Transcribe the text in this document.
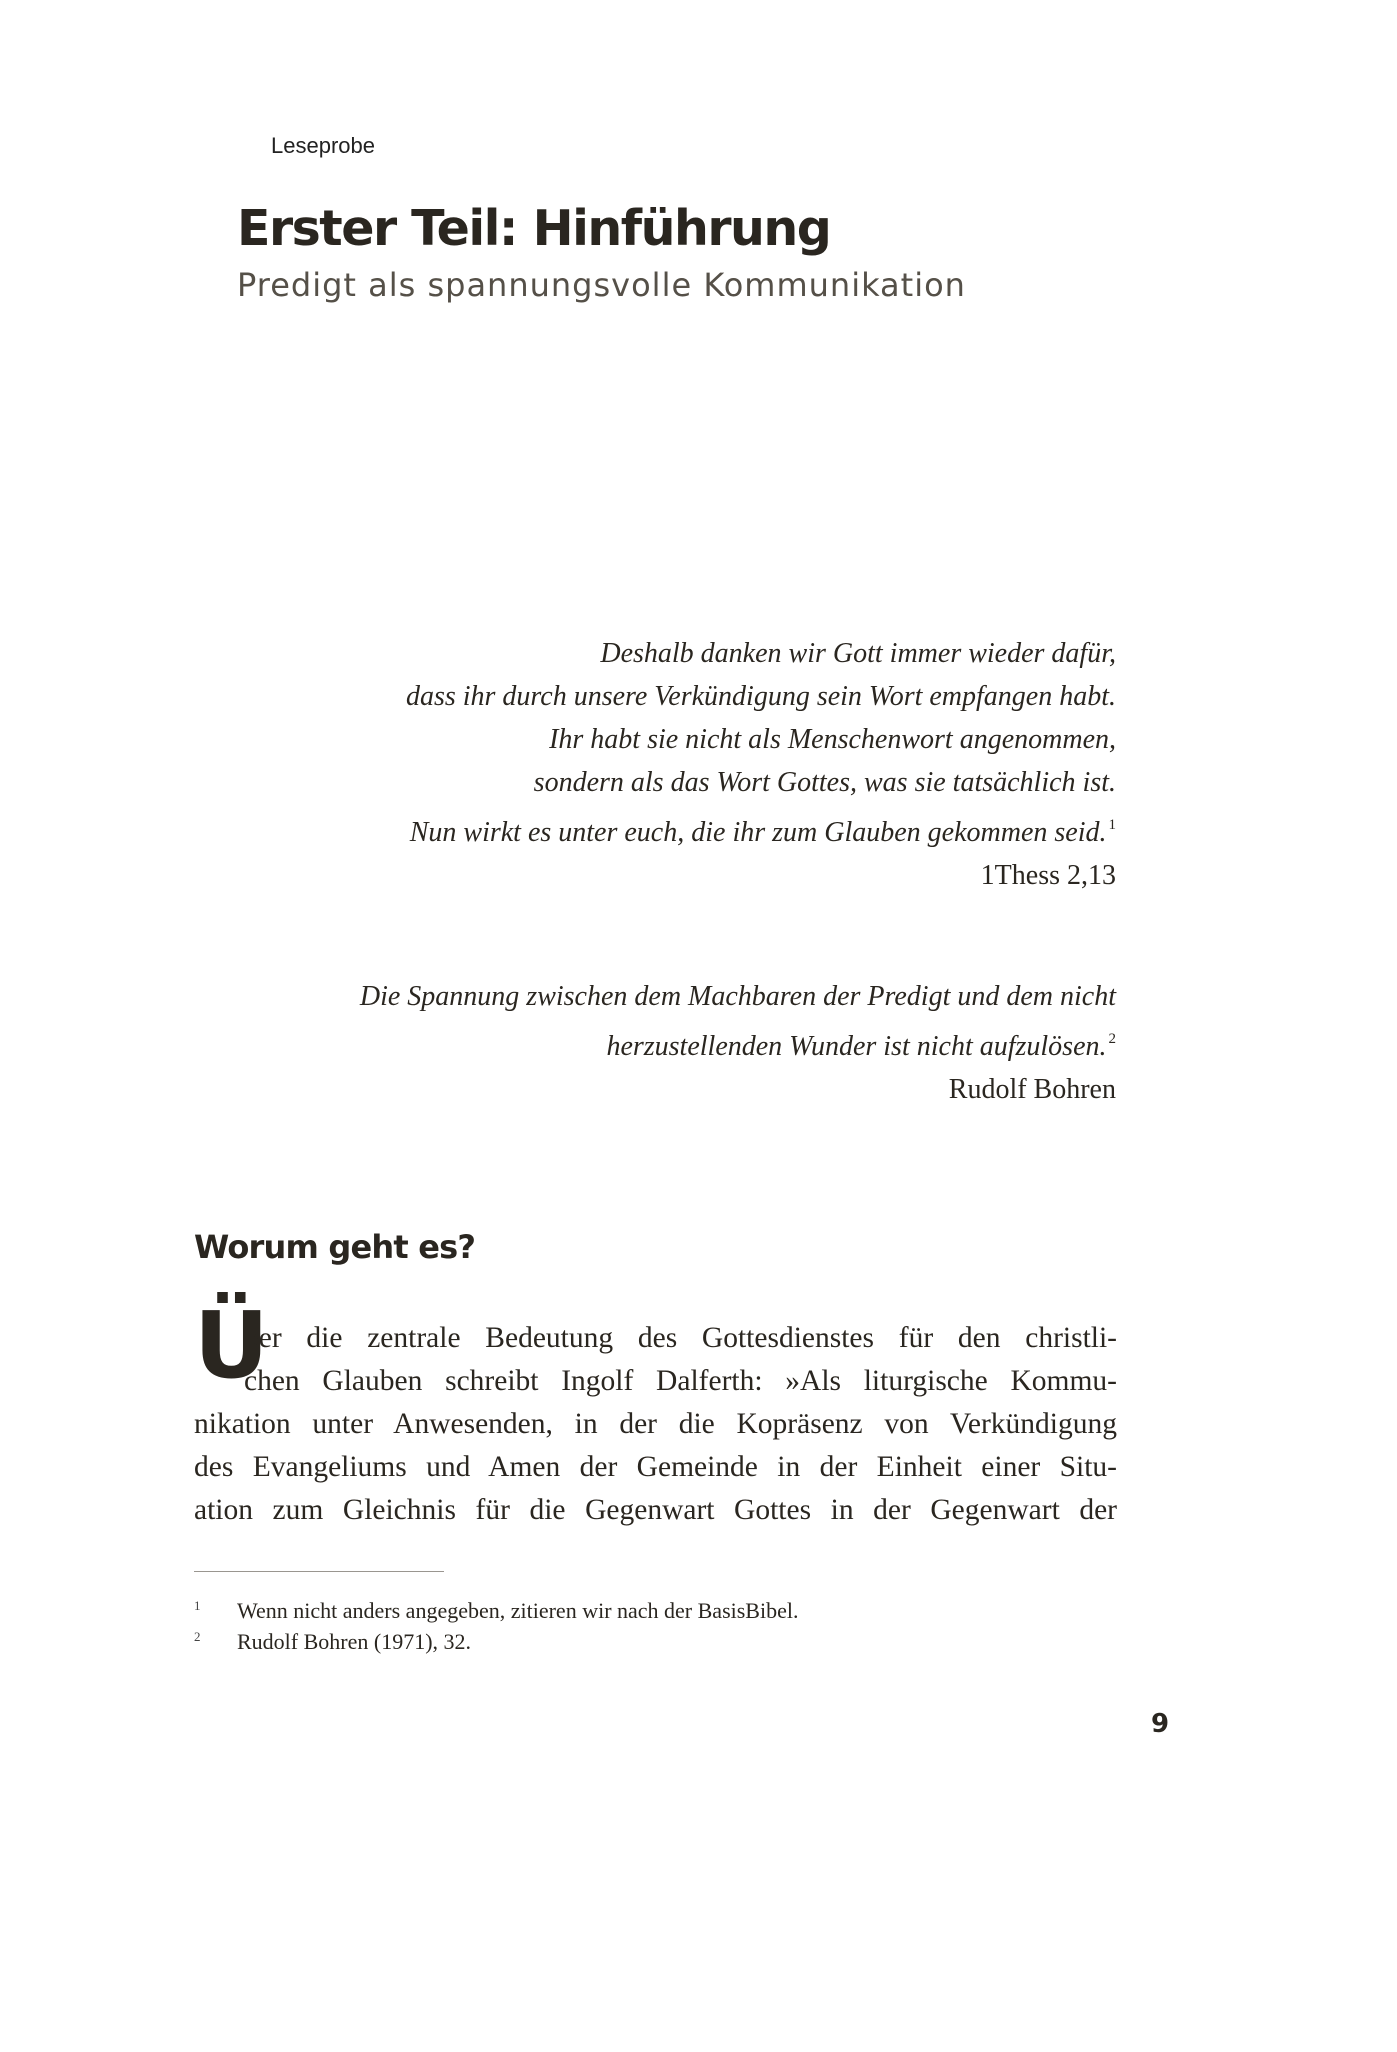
Leseprobe
Erster Teil: Hinführung
Predigt als spannungsvolle Kommunikation
Deshalb danken wir Gott immer wieder dafür,
dass ihr durch unsere Verkündigung sein Wort empfangen habt.
Ihr habt sie nicht als Menschenwort angenommen,
sondern als das Wort Gottes, was sie tatsächlich ist.
Nun wirkt es unter euch, die ihr zum Glauben gekommen seid. $^1$
1Thess 2,13
Die Spannung zwischen dem Machbaren der Predigt und dem nicht
herzustellenden Wunder ist nicht aufzulösen. $^2$
Rudolf Bohren
Worum geht es?
Ü
ber die zentrale Bedeutung des Gottesdienstes für den christli-
chen Glauben schreibt Ingolf Dalferth: »Als liturgische Kommu-
nikation unter Anwesenden, in der die Kopräsenz von Verkündigung
des Evangeliums und Amen der Gemeinde in der Einheit einer Situ-
ation zum Gleichnis für die Gegenwart Gottes in der Gegenwart der
1 Wenn nicht anders angegeben, zitieren wir nach der BasisBibel.
2 Rudolf Bohren (1971), 32.
9
